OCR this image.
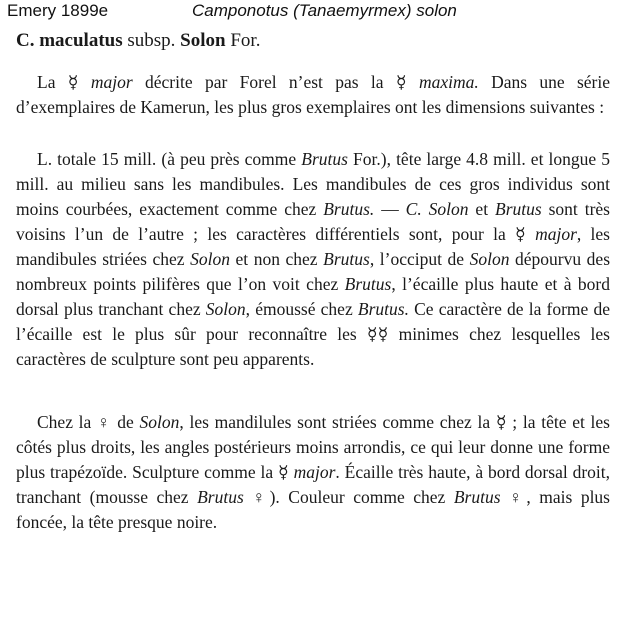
Emery 1899e	Camponotus (Tanaemyrmex) solon
C. maculatus subsp. Solon For.

La ☿ major décrite par Forel n’est pas la ☿ maxima. Dans une série d’exemplaires de Kamerun, les plus gros exemplaires ont les dimensions suivantes :

L. totale 15 mill. (à peu près comme Brutus For.), tête large 4.8 mill. et longue 5 mill. au milieu sans les mandibules. Les mandibules de ces gros individus sont moins courbées, exactement comme chez Brutus. — C. Solon et Brutus sont très voisins l’un de l’autre ; les caractères différentiels sont, pour la ☿ major, les mandibules striées chez Solon et non chez Brutus, l’occiput de Solon dépourvu des nombreux points pilifères que l’on voit chez Brutus, l’écaille plus haute et à bord dorsal plus tranchant chez Solon, émoussé chez Brutus. Ce caractère de la forme de l’écaille est le plus sûr pour reconnaître les ☿☿ minimes chez lesquelles les caractères de sculpture sont peu apparents.

Chez la ♀ de Solon, les mandilules sont striées comme chez la ☿ ; la tête et les côtés plus droits, les angles postérieurs moins arrondis, ce qui leur donne une forme plus trapézoïde. Sculpture comme la ☿ major. Écaille très haute, à bord dorsal droit, tranchant (mousse chez Brutus ♀). Couleur comme chez Brutus ♀, mais plus foncée, la tête presque noire.
